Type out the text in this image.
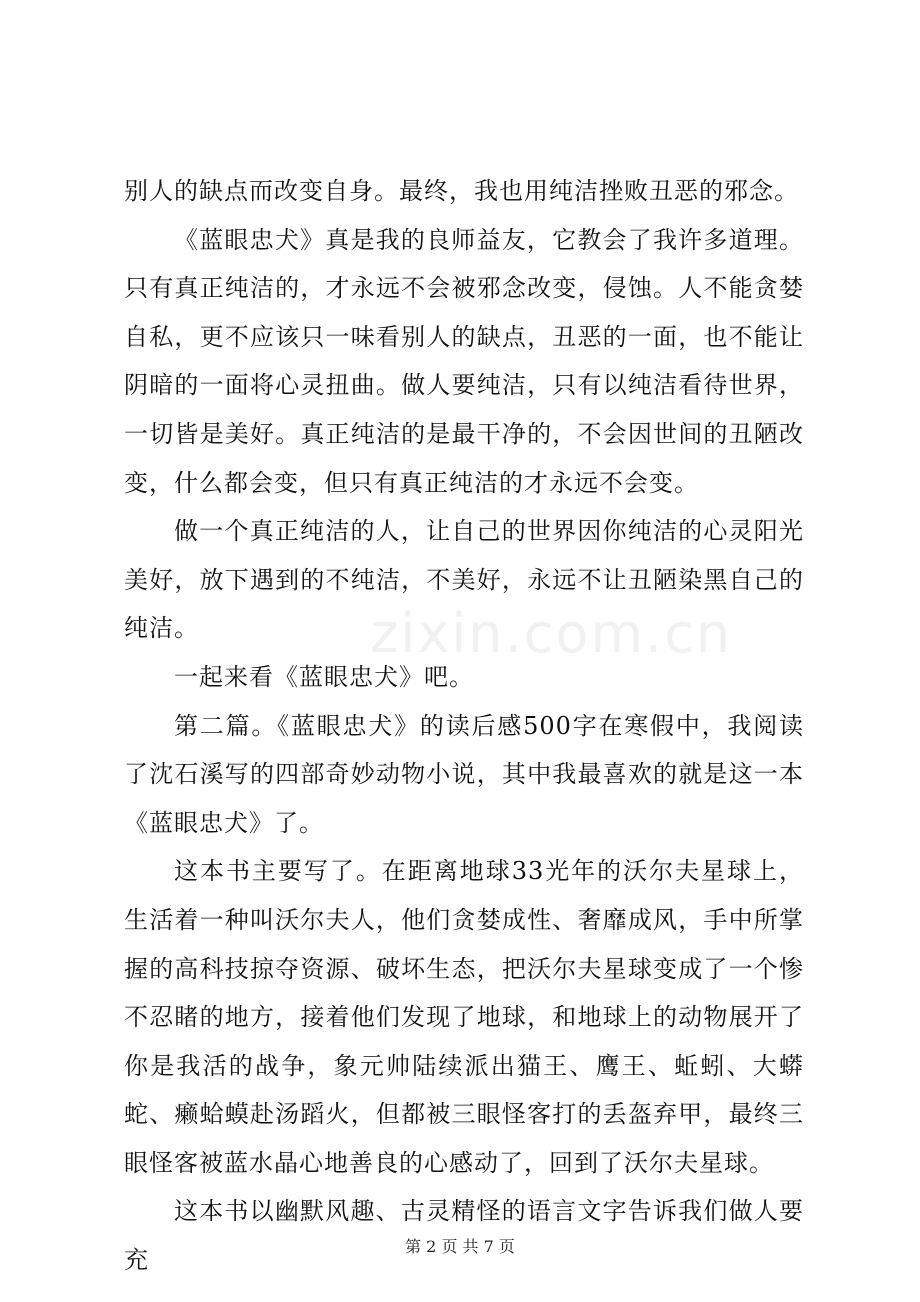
zixin.com.cn

别人的缺点而改变自身。最终，我也用纯洁挫败丑恶的邪念。

《蓝眼忠犬》真是我的良师益友，它教会了我许多道理。只有真正纯洁的，才永远不会被邪念改变，侵蚀。人不能贪婪自私，更不应该只一味看别人的缺点，丑恶的一面，也不能让阴暗的一面将心灵扭曲。做人要纯洁，只有以纯洁看待世界，一切皆是美好。真正纯洁的是最干净的，不会因世间的丑陋改变，什么都会变，但只有真正纯洁的才永远不会变。

做一个真正纯洁的人，让自己的世界因你纯洁的心灵阳光美好，放下遇到的不纯洁，不美好，永远不让丑陋染黑自己的纯洁。

一起来看《蓝眼忠犬》吧。

第二篇。《蓝眼忠犬》的读后感500字在寒假中，我阅读了沈石溪写的四部奇妙动物小说，其中我最喜欢的就是这一本《蓝眼忠犬》了。

这本书主要写了。在距离地球33光年的沃尔夫星球上，生活着一种叫沃尔夫人，他们贪婪成性、奢靡成风，手中所掌握的高科技掠夺资源、破坏生态，把沃尔夫星球变成了一个惨不忍睹的地方，接着他们发现了地球，和地球上的动物展开了你是我活的战争，象元帅陆续派出猫王、鹰王、蚯蚓、大蟒蛇、癞蛤蟆赴汤蹈火，但都被三眼怪客打的丢盔弃甲，最终三眼怪客被蓝水晶心地善良的心感动了，回到了沃尔夫星球。

这本书以幽默风趣、古灵精怪的语言文字告诉我们做人要充	第 2 页 共 7 页
